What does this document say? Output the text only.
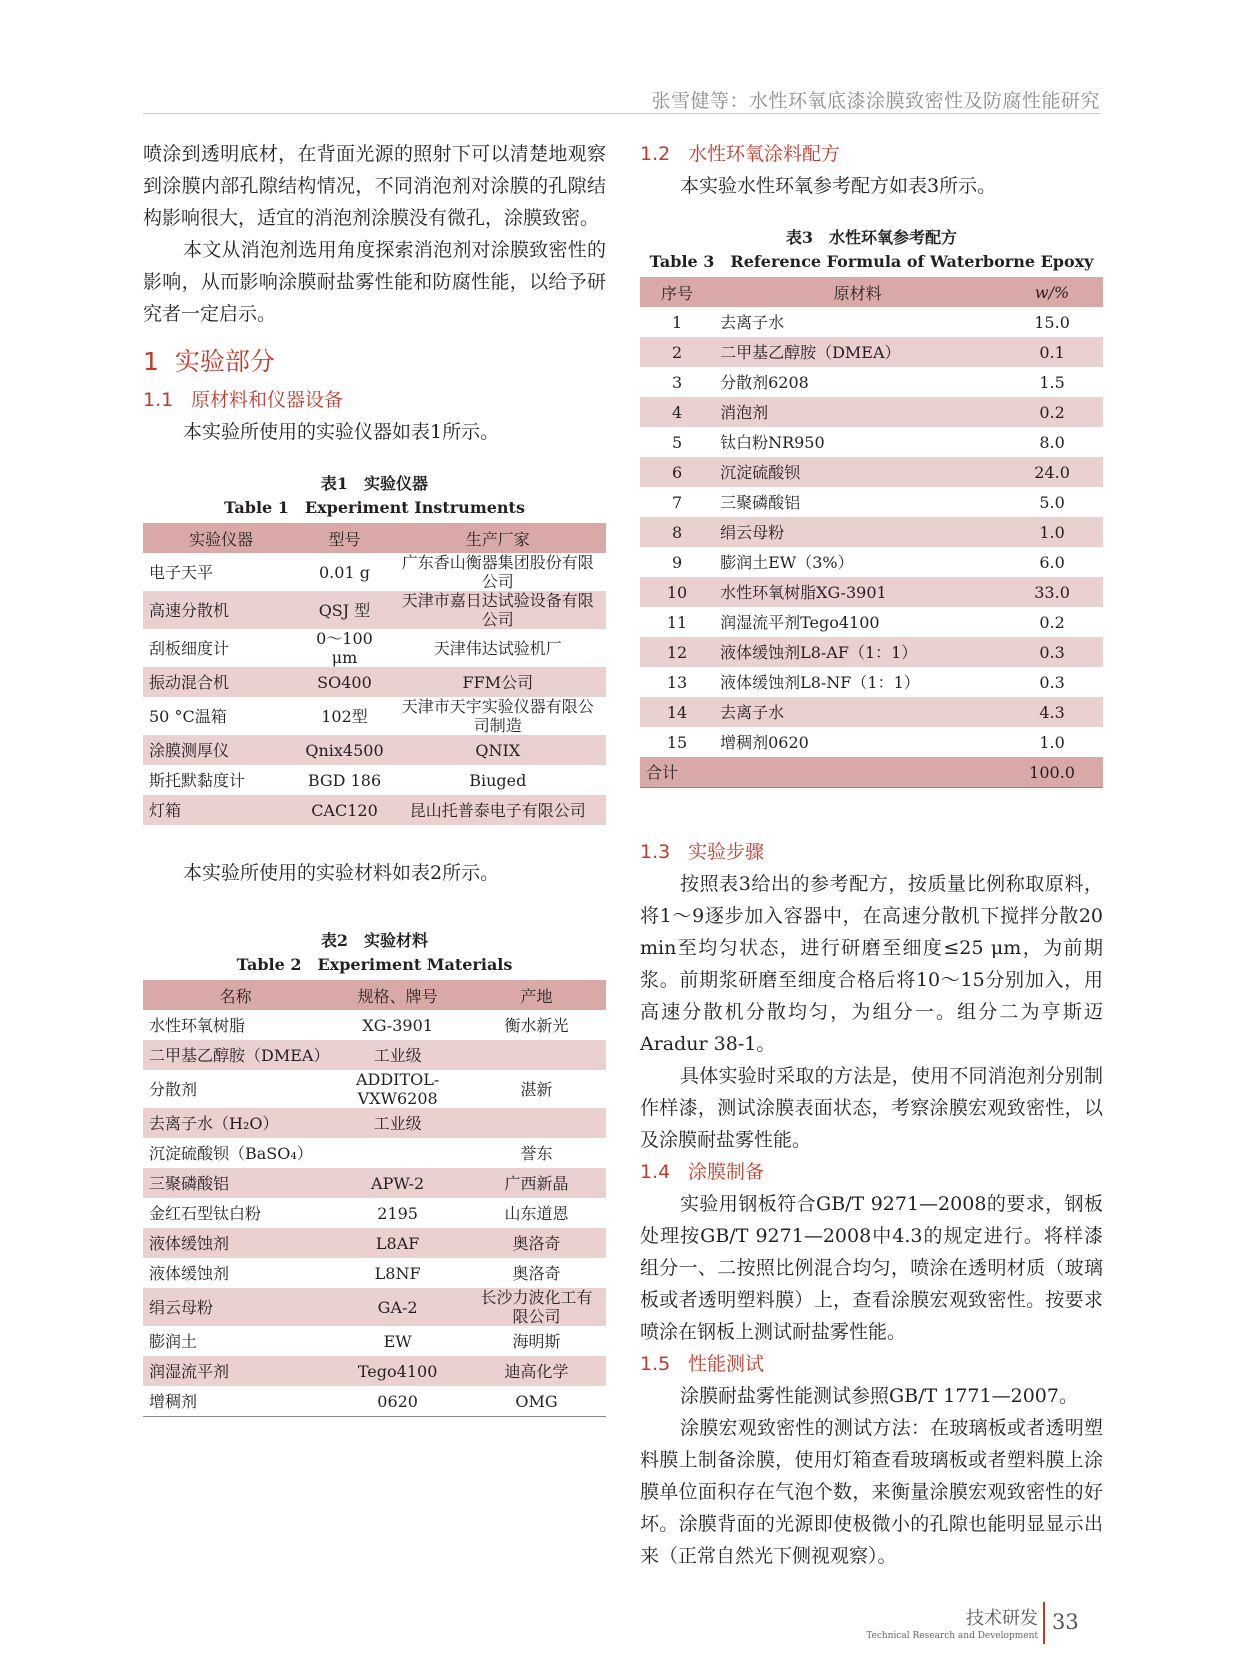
张雪健等：水性环氧底漆涂膜致密性及防腐性能研究

喷涂到透明底材，在背面光源的照射下可以清楚地观察到涂膜内部孔隙结构情况，不同消泡剂对涂膜的孔隙结构影响很大，适宜的消泡剂涂膜没有微孔，涂膜致密。

本文从消泡剂选用角度探索消泡剂对涂膜致密性的影响，从而影响涂膜耐盐雾性能和防腐性能，以给予研究者一定启示。

1 实验部分
1.1 原材料和仪器设备

本实验所使用的实验仪器如表1所示。

表1　实验仪器
Table 1　Experiment Instruments
实验仪器	型号	生产厂家
电子天平	0.01 g	广东香山衡器集团股份有限公司
高速分散机	QSJ 型	天津市嘉日达试验设备有限公司
刮板细度计	0～100 μm	天津伟达试验机厂
振动混合机	SO400	FFM公司
50 °C温箱	102型	天津市天宇实验仪器有限公司制造
涂膜测厚仪	Qnix4500	QNIX
斯托默黏度计	BGD 186	Biuged
灯箱	CAC120	昆山托普泰电子有限公司

本实验所使用的实验材料如表2所示。

表2　实验材料
Table 2　Experiment Materials
名称	规格、牌号	产地
水性环氧树脂	XG-3901	衡水新光
二甲基乙醇胺（DMEA）	工业级	
分散剂	ADDITOL-VXW6208	湛新
去离子水（H₂O）	工业级	
沉淀硫酸钡（BaSO₄）		誉东
三聚磷酸铝	APW-2	广西新晶
金红石型钛白粉	2195	山东道恩
液体缓蚀剂	L8AF	奥洛奇
液体缓蚀剂	L8NF	奥洛奇
绢云母粉	GA-2	长沙力波化工有限公司
膨润土	EW	海明斯
润湿流平剂	Tego4100	迪高化学
增稠剂	0620	OMG
1.2 水性环氧涂料配方

本实验水性环氧参考配方如表3所示。

表3　水性环氧参考配方
Table 3　Reference Formula of Waterborne Epoxy
序号	原材料	w/%
1	去离子水	15.0
2	二甲基乙醇胺（DMEA）	0.1
3	分散剂6208	1.5
4	消泡剂	0.2
5	钛白粉NR950	8.0
6	沉淀硫酸钡	24.0
7	三聚磷酸铝	5.0
8	绢云母粉	1.0
9	膨润土EW（3%）	6.0
10	水性环氧树脂XG-3901	33.0
11	润湿流平剂Tego4100	0.2
12	液体缓蚀剂L8-AF（1：1）	0.3
13	液体缓蚀剂L8-NF（1：1）	0.3
14	去离子水	4.3
15	增稠剂0620	1.0
合计		100.0
1.3 实验步骤

按照表3给出的参考配方，按质量比例称取原料，将1～9逐步加入容器中，在高速分散机下搅拌分散20 min至均匀状态，进行研磨至细度≤25 μm，为前期浆。前期浆研磨至细度合格后将10～15分别加入，用高速分散机分散均匀，为组分一。组分二为亨斯迈Aradur 38-1。

具体实验时采取的方法是，使用不同消泡剂分别制作样漆，测试涂膜表面状态，考察涂膜宏观致密性，以及涂膜耐盐雾性能。

1.4 涂膜制备

实验用钢板符合GB/T 9271—2008的要求，钢板处理按GB/T 9271—2008中4.3的规定进行。将样漆组分一、二按照比例混合均匀，喷涂在透明材质（玻璃板或者透明塑料膜）上，查看涂膜宏观致密性。按要求喷涂在钢板上测试耐盐雾性能。

1.5 性能测试

涂膜耐盐雾性能测试参照GB/T 1771—2007。

涂膜宏观致密性的测试方法：在玻璃板或者透明塑料膜上制备涂膜，使用灯箱查看玻璃板或者塑料膜上涂膜单位面积存在气泡个数，来衡量涂膜宏观致密性的好坏。涂膜背面的光源即使极微小的孔隙也能明显显示出来（正常自然光下侧视观察）。

技术研发
Technical Research and Development
33
